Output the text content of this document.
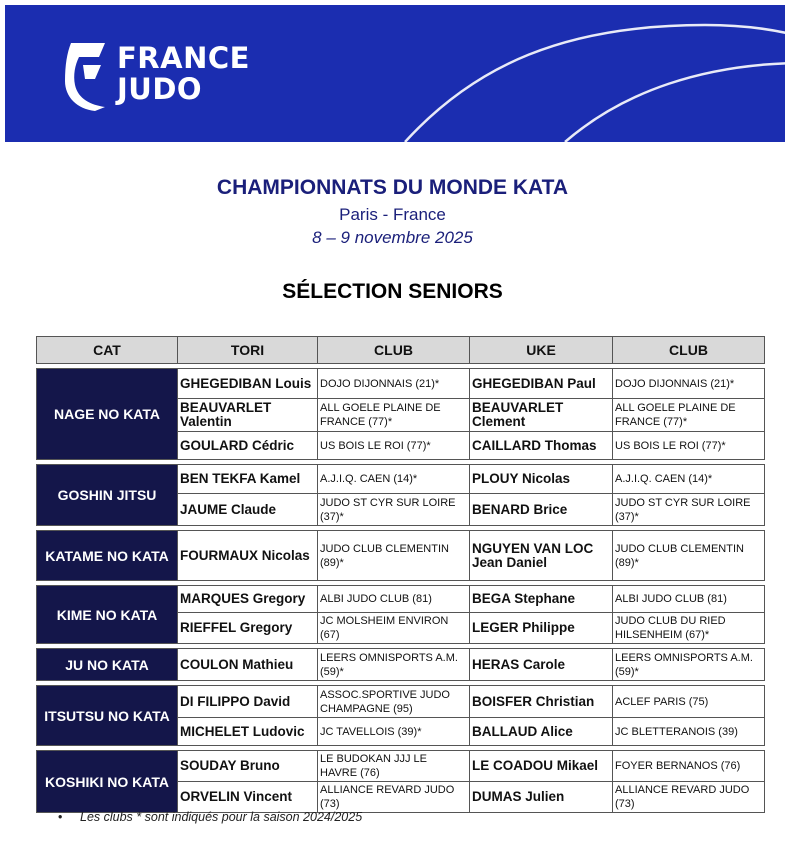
FRANCE
JUDO
CHAMPIONNATS DU MONDE KATA
Paris - France
8 – 9 novembre 2025
SÉLECTION SENIORS
CAT	TORI	CLUB	UKE	CLUB

NAGE NO KATA	GHEGEDIBAN Louis	DOJO DIJONNAIS (21)*	GHEGEDIBAN Paul	DOJO DIJONNAIS (21)*
	BEAUVARLET Valentin	ALL GOELE PLAINE DE FRANCE (77)*	BEAUVARLET Clement	ALL GOELE PLAINE DE FRANCE (77)*
	GOULARD Cédric	US BOIS LE ROI (77)*	CAILLARD Thomas	US BOIS LE ROI (77)*

GOSHIN JITSU	BEN TEKFA Kamel	A.J.I.Q. CAEN (14)*	PLOUY Nicolas	A.J.I.Q. CAEN (14)*
	JAUME Claude	JUDO ST CYR SUR LOIRE (37)*	BENARD Brice	JUDO ST CYR SUR LOIRE (37)*

KATAME NO KATA	FOURMAUX Nicolas	JUDO CLUB CLEMENTIN (89)*	NGUYEN VAN LOC Jean Daniel	JUDO CLUB CLEMENTIN (89)*

KIME NO KATA	MARQUES Gregory	ALBI JUDO CLUB (81)	BEGA Stephane	ALBI JUDO CLUB (81)
	RIEFFEL Gregory	JC MOLSHEIM ENVIRON (67)	LEGER Philippe	JUDO CLUB DU RIED HILSENHEIM (67)*

JU NO KATA	COULON Mathieu	LEERS OMNISPORTS A.M. (59)*	HERAS Carole	LEERS OMNISPORTS A.M. (59)*

ITSUTSU NO KATA	DI FILIPPO David	ASSOC.SPORTIVE JUDO CHAMPAGNE (95)	BOISFER Christian	ACLEF PARIS (75)
	MICHELET Ludovic	JC TAVELLOIS (39)*	BALLAUD Alice	JC BLETTERANOIS (39)

KOSHIKI NO KATA	SOUDAY Bruno	LE BUDOKAN JJJ LE HAVRE (76)	LE COADOU Mikael	FOYER BERNANOS (76)
	ORVELIN Vincent	ALLIANCE REVARD JUDO (73)	DUMAS Julien	ALLIANCE REVARD JUDO (73)
• Les clubs * sont indiqués pour la saison 2024/2025
